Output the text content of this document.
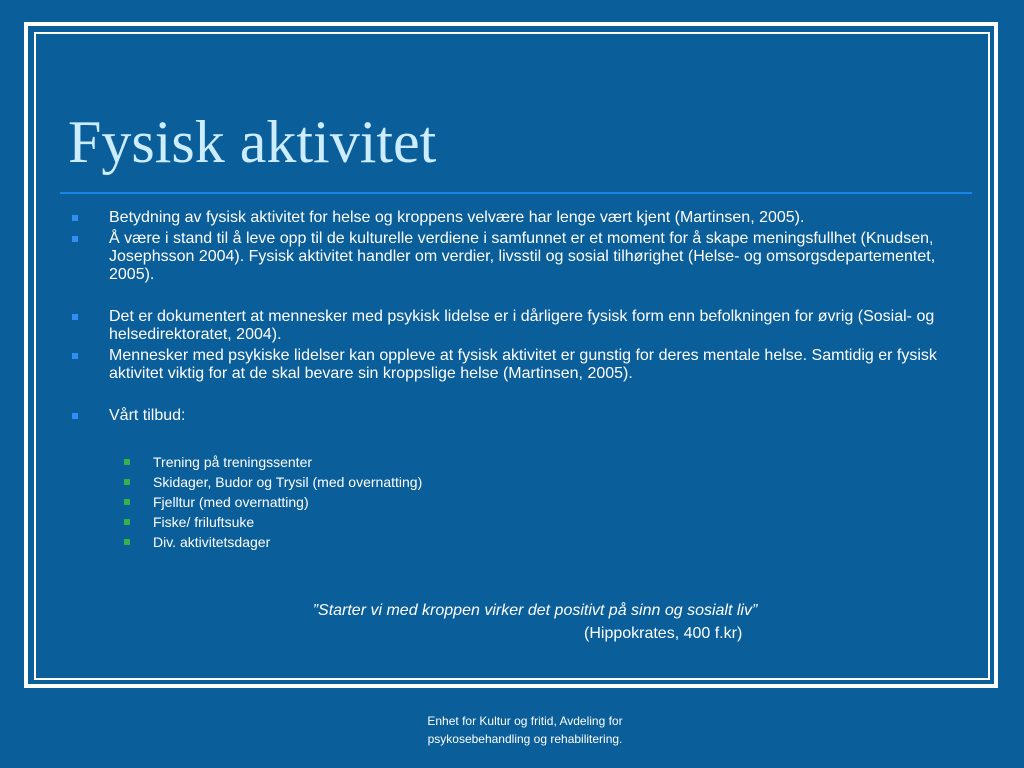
Fysisk aktivitet
Betydning av fysisk aktivitet for helse og kroppens velvære har lenge vært kjent (Martinsen, 2005).
Å være i stand til å leve opp til de kulturelle verdiene i samfunnet er et moment for å skape meningsfullhet (Knudsen, Josephsson 2004). Fysisk aktivitet handler om verdier, livsstil og sosial tilhørighet (Helse- og omsorgsdepartementet, 2005).
Det er dokumentert at mennesker med psykisk lidelse er i dårligere fysisk form enn befolkningen for øvrig (Sosial- og helsedirektoratet, 2004).
Mennesker med psykiske lidelser kan oppleve at fysisk aktivitet er gunstig for deres mentale helse. Samtidig er fysisk aktivitet viktig for at de skal bevare sin kroppslige helse (Martinsen, 2005).
Vårt tilbud:
Trening på treningssenter
Skidager, Budor og Trysil (med overnatting)
Fjelltur (med overnatting)
Fiske/ friluftsuke
Div. aktivitetsdager
”Starter vi med kroppen virker det positivt på sinn og sosialt liv”
(Hippokrates, 400 f.kr)
Enhet for Kultur og fritid, Avdeling for
psykosebehandling og rehabilitering.
